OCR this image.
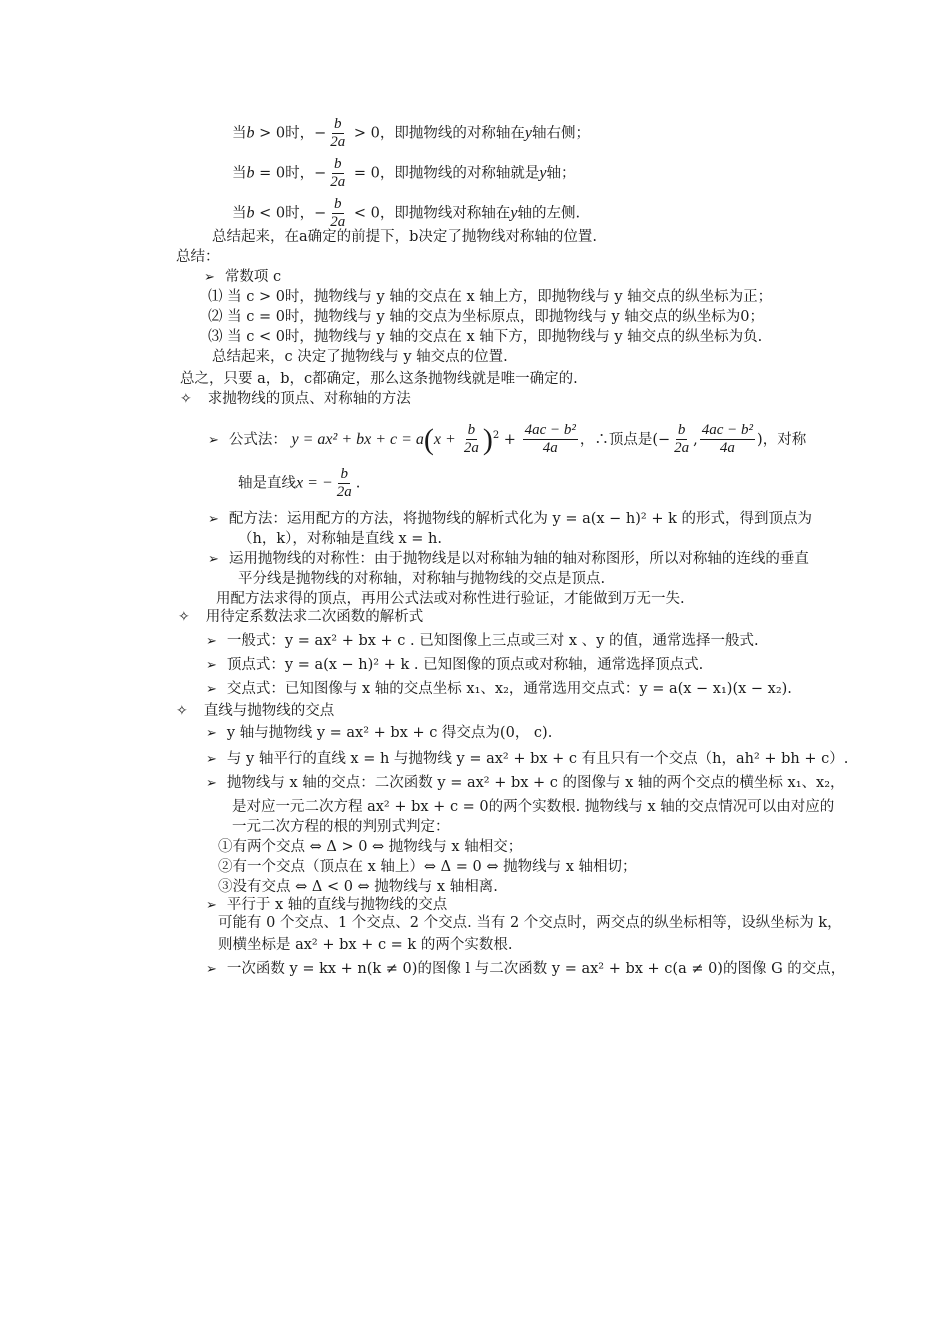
当b > 0时，− $\frac{b}{2a} > 0$，即抛物线的对称轴在y轴右侧；
当b = 0时，− $\frac{b}{2a} = 0$，即抛物线的对称轴就是y轴；
当b < 0时，− $\frac{b}{2a} < 0$，即抛物线对称轴在y轴的左侧.
总结起来，在a确定的前提下，b决定了抛物线对称轴的位置.
总结：
➢ 常数项 c
⑴ 当 c > 0时，抛物线与 y 轴的交点在 x 轴上方，即抛物线与 y 轴交点的纵坐标为正；
⑵ 当 c = 0时，抛物线与 y 轴的交点为坐标原点，即抛物线与 y 轴交点的纵坐标为0；
⑶ 当 c < 0时，抛物线与 y 轴的交点在 x 轴下方，即抛物线与 y 轴交点的纵坐标为负.
总结起来，c 决定了抛物线与 y 轴交点的位置.
总之，只要 a，b，c都确定，那么这条抛物线就是唯一确定的.
✧ 求抛物线的顶点、对称轴的方法
➢ 公式法： y = ax² + bx + $c = a(x + \frac{b}{2a} )^2 + \frac{\text{4ac − b²}}{4a}$ ，∴顶点是(− $\frac{b}{2a}$ , $\frac{\text{4ac − b²}}{4a}$ )，对称
轴是直线x = − $\frac{b}{2a}$ .
➢ 配方法：运用配方的方法，将抛物线的解析式化为 y = a(x − h)² + k 的形式，得到顶点为
（h，k），对称轴是直线 x = h.
➢ 运用抛物线的对称性：由于抛物线是以对称轴为轴的轴对称图形，所以对称轴的连线的垂直
平分线是抛物线的对称轴，对称轴与抛物线的交点是顶点.
用配方法求得的顶点，再用公式法或对称性进行验证，才能做到万无一失.
✧ 用待定系数法求二次函数的解析式
➢ 一般式：y = ax² + bx + c . 已知图像上三点或三对 x 、y 的值，通常选择一般式.
➢ 顶点式：y = a(x − h)² + k . 已知图像的顶点或对称轴，通常选择顶点式.
➢ 交点式：已知图像与 x 轴的交点坐标 x₁、x₂，通常选用交点式：y = a(x − x₁)(x − x₂).
✧ 直线与抛物线的交点
➢ y 轴与抛物线 y = ax² + bx + c 得交点为(0， c).
➢ 与 y 轴平行的直线 x = h 与抛物线 y = ax² + bx + c 有且只有一个交点（h，ah² + bh + c）.
➢ 抛物线与 x 轴的交点：二次函数 y = ax² + bx + c 的图像与 x 轴的两个交点的横坐标 x₁、x₂，
是对应一元二次方程 ax² + bx + c = 0的两个实数根. 抛物线与 x 轴的交点情况可以由对应的
一元二次方程的根的判别式判定：
①有两个交点 ⇔ Δ > 0 ⇔ 抛物线与 x 轴相交；
②有一个交点（顶点在 x 轴上）⇔ Δ = 0 ⇔ 抛物线与 x 轴相切；
③没有交点 ⇔ Δ < 0 ⇔ 抛物线与 x 轴相离.
➢ 平行于 x 轴的直线与抛物线的交点
可能有 0 个交点、1 个交点、2 个交点. 当有 2 个交点时，两交点的纵坐标相等，设纵坐标为 k，
则横坐标是 ax² + bx + c = k 的两个实数根.
➢ 一次函数 y = kx + n(k ≠ 0)的图像 l 与二次函数 y = ax² + bx + c(a ≠ 0)的图像 G 的交点，
